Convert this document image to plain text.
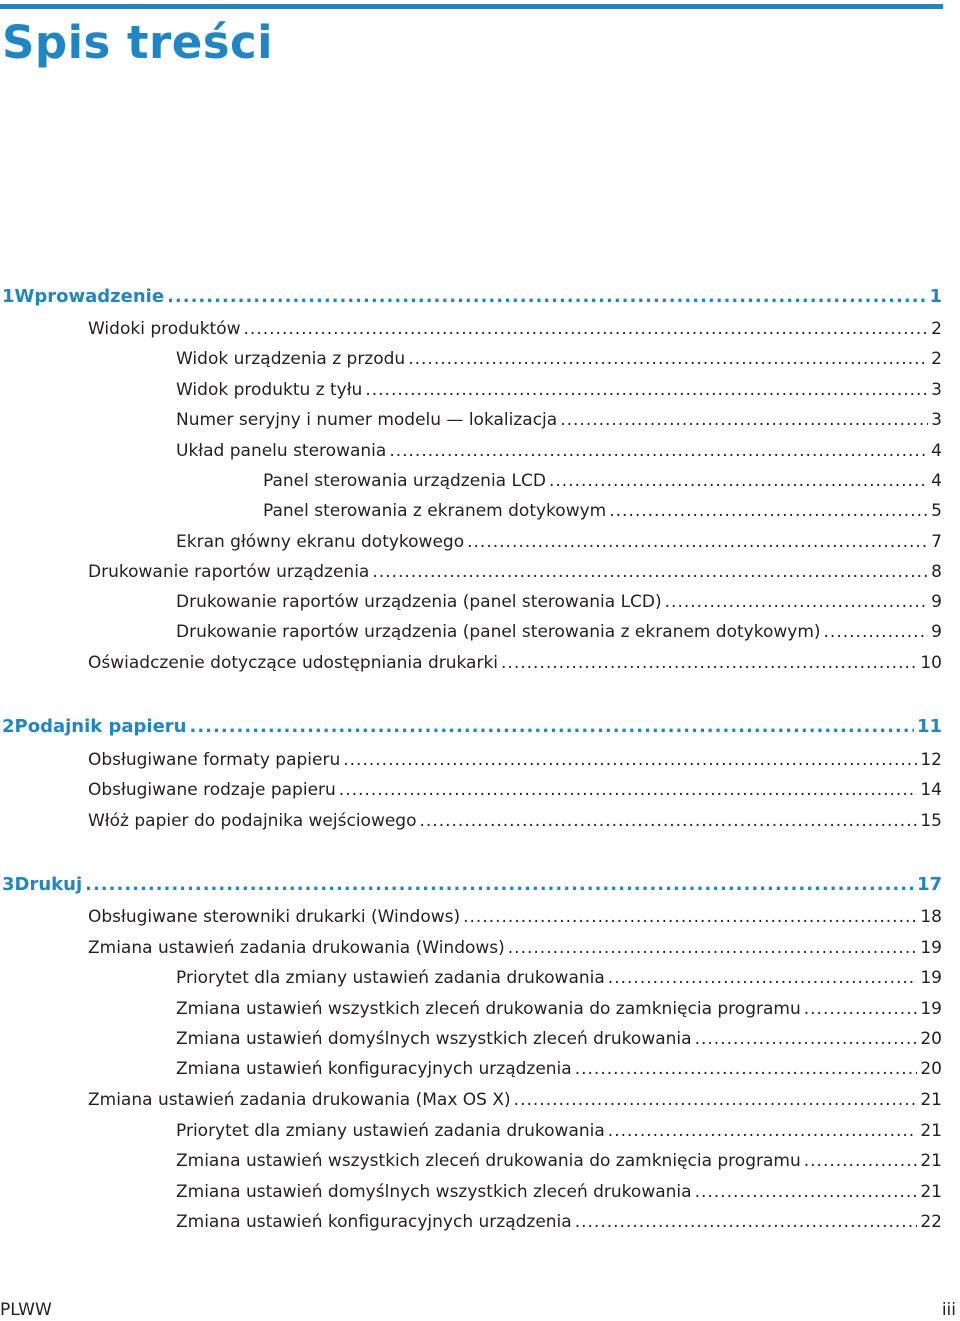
Spis treści
1 Wprowadzenie .....	1
Widoki produktów .....	2
Widok urządzenia z przodu .....	2
Widok produktu z tyłu .....	3
Numer seryjny i numer modelu — lokalizacja .....	3
Układ panelu sterowania .....	4
Panel sterowania urządzenia LCD .....	4
Panel sterowania z ekranem dotykowym .....	5
Ekran główny ekranu dotykowego .....	7
Drukowanie raportów urządzenia .....	8
Drukowanie raportów urządzenia (panel sterowania LCD) .....	9
Drukowanie raportów urządzenia (panel sterowania z ekranem dotykowym) .....	9
Oświadczenie dotyczące udostępniania drukarki .....	10
2 Podajnik papieru .....	11
Obsługiwane formaty papieru .....	12
Obsługiwane rodzaje papieru .....	14
Włóż papier do podajnika wejściowego .....	15
3 Drukuj .....	17
Obsługiwane sterowniki drukarki (Windows) .....	18
Zmiana ustawień zadania drukowania (Windows) .....	19
Priorytet dla zmiany ustawień zadania drukowania .....	19
Zmiana ustawień wszystkich zleceń drukowania do zamknięcia programu .....	19
Zmiana ustawień domyślnych wszystkich zleceń drukowania .....	20
Zmiana ustawień konfiguracyjnych urządzenia .....	20
Zmiana ustawień zadania drukowania (Max OS X) .....	21
Priorytet dla zmiany ustawień zadania drukowania .....	21
Zmiana ustawień wszystkich zleceń drukowania do zamknięcia programu .....	21
Zmiana ustawień domyślnych wszystkich zleceń drukowania .....	21
Zmiana ustawień konfiguracyjnych urządzenia .....	22
PLWW	iii
